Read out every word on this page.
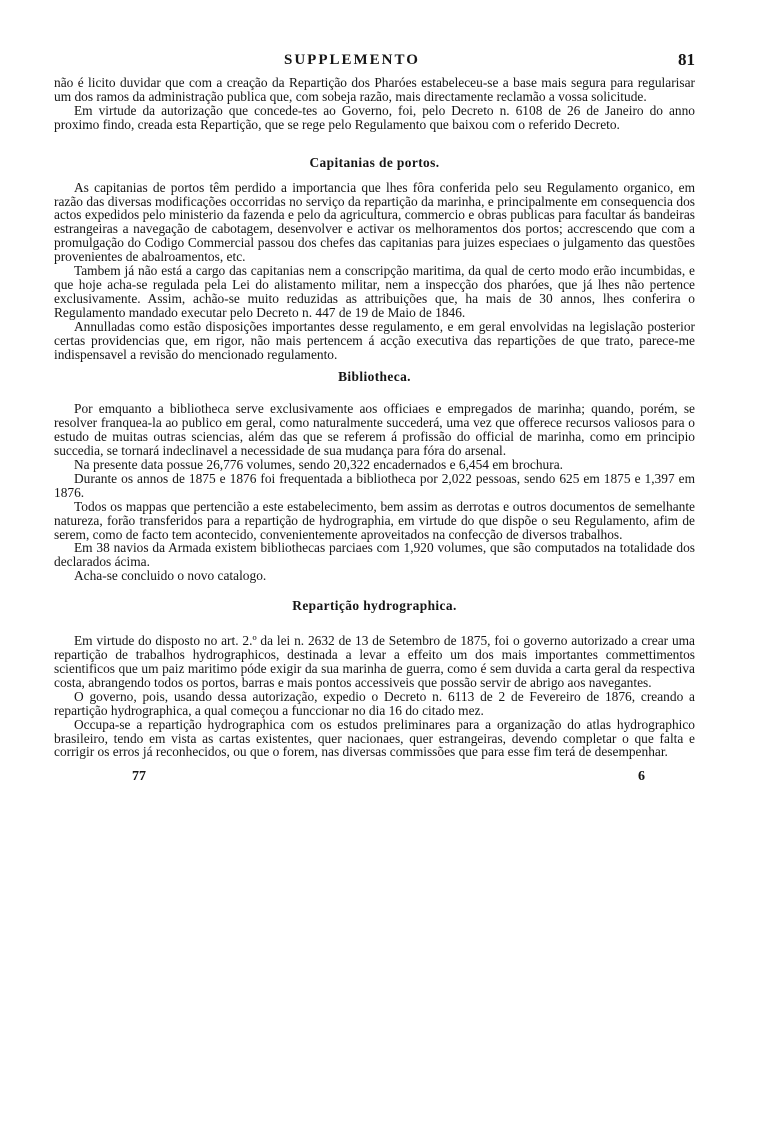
SUPPLEMENTO	81

não é licito duvidar que com a creação da Repartição dos Pharóes estabeleceu-se a base mais segura para regularisar um dos ramos da administração publica que, com sobeja razão, mais directamente reclamão a vossa solicitude.

Em virtude da autorização que concede-tes ao Governo, foi, pelo Decreto n. 6108 de 26 de Janeiro do anno proximo findo, creada esta Repartição, que se rege pelo Regulamento que baixou com o referido Decreto.

Capitanias de portos.

As capitanias de portos têm perdido a importancia que lhes fôra conferida pelo seu Regulamento organico, em razão das diversas modificações occorridas no serviço da repartição da marinha, e principalmente em consequencia dos actos expedidos pelo ministerio da fazenda e pelo da agricultura, commercio e obras publicas para facultar ás bandeiras estrangeiras a navegação de cabotagem, desenvolver e activar os melhoramentos dos portos; accrescendo que com a promulgação do Codigo Commercial passou dos chefes das capitanias para juizes especiaes o julgamento das questões provenientes de abalroamentos, etc.

Tambem já não está a cargo das capitanias nem a conscripção maritima, da qual de certo modo erão incumbidas, e que hoje acha-se regulada pela Lei do alistamento militar, nem a inspecção dos pharóes, que já lhes não pertence exclusivamente. Assim, achão-se muito reduzidas as attribuições que, ha mais de 30 annos, lhes conferira o Regulamento mandado executar pelo Decreto n. 447 de 19 de Maio de 1846.

Annulladas como estão disposições importantes desse regulamento, e em geral envolvidas na legislação posterior certas providencias que, em rigor, não mais pertencem á acção executiva das repartições de que trato, parece-me indispensavel a revisão do mencionado regulamento.

Bibliotheca.

Por emquanto a bibliotheca serve exclusivamente aos officiaes e empregados de marinha; quando, porém, se resolver franquea-la ao publico em geral, como naturalmente succederá, uma vez que offerece recursos valiosos para o estudo de muitas outras sciencias, além das que se referem á profissão do official de marinha, como em principio succedia, se tornará indeclinavel a necessidade de sua mudança para fóra do arsenal.

Na presente data possue 26,776 volumes, sendo 20,322 encadernados e 6,454 em brochura.

Durante os annos de 1875 e 1876 foi frequentada a bibliotheca por 2,022 pessoas, sendo 625 em 1875 e 1,397 em 1876.

Todos os mappas que pertencião a este estabelecimento, bem assim as derrotas e outros documentos de semelhante natureza, forão transferidos para a repartição de hydrographia, em virtude do que dispõe o seu Regulamento, afim de serem, como de facto tem acontecido, convenientemente aproveitados na confecção de diversos trabalhos.

Em 38 navios da Armada existem bibliothecas parciaes com 1,920 volumes, que são computados na totalidade dos declarados ácima.

Acha-se concluido o novo catalogo.

Repartição hydrographica.

Em virtude do disposto no art. 2.º da lei n. 2632 de 13 de Setembro de 1875, foi o governo autorizado a crear uma repartição de trabalhos hydrographicos, destinada a levar a effeito um dos mais importantes commettimentos scientificos que um paiz maritimo póde exigir da sua marinha de guerra, como é sem duvida a carta geral da respectiva costa, abrangendo todos os portos, barras e mais pontos accessiveis que possão servir de abrigo aos navegantes.

O governo, pois, usando dessa autorização, expedio o Decreto n. 6113 de 2 de Fevereiro de 1876, creando a repartição hydrographica, a qual começou a funccionar no dia 16 do citado mez.

Occupa-se a repartição hydrographica com os estudos preliminares para a organização do atlas hydrographico brasileiro, tendo em vista as cartas existentes, quer nacionaes, quer estrangeiras, devendo completar o que falta e corrigir os erros já reconhecidos, ou que o forem, nas diversas commissões que para esse fim terá de desempenhar.

77	6
